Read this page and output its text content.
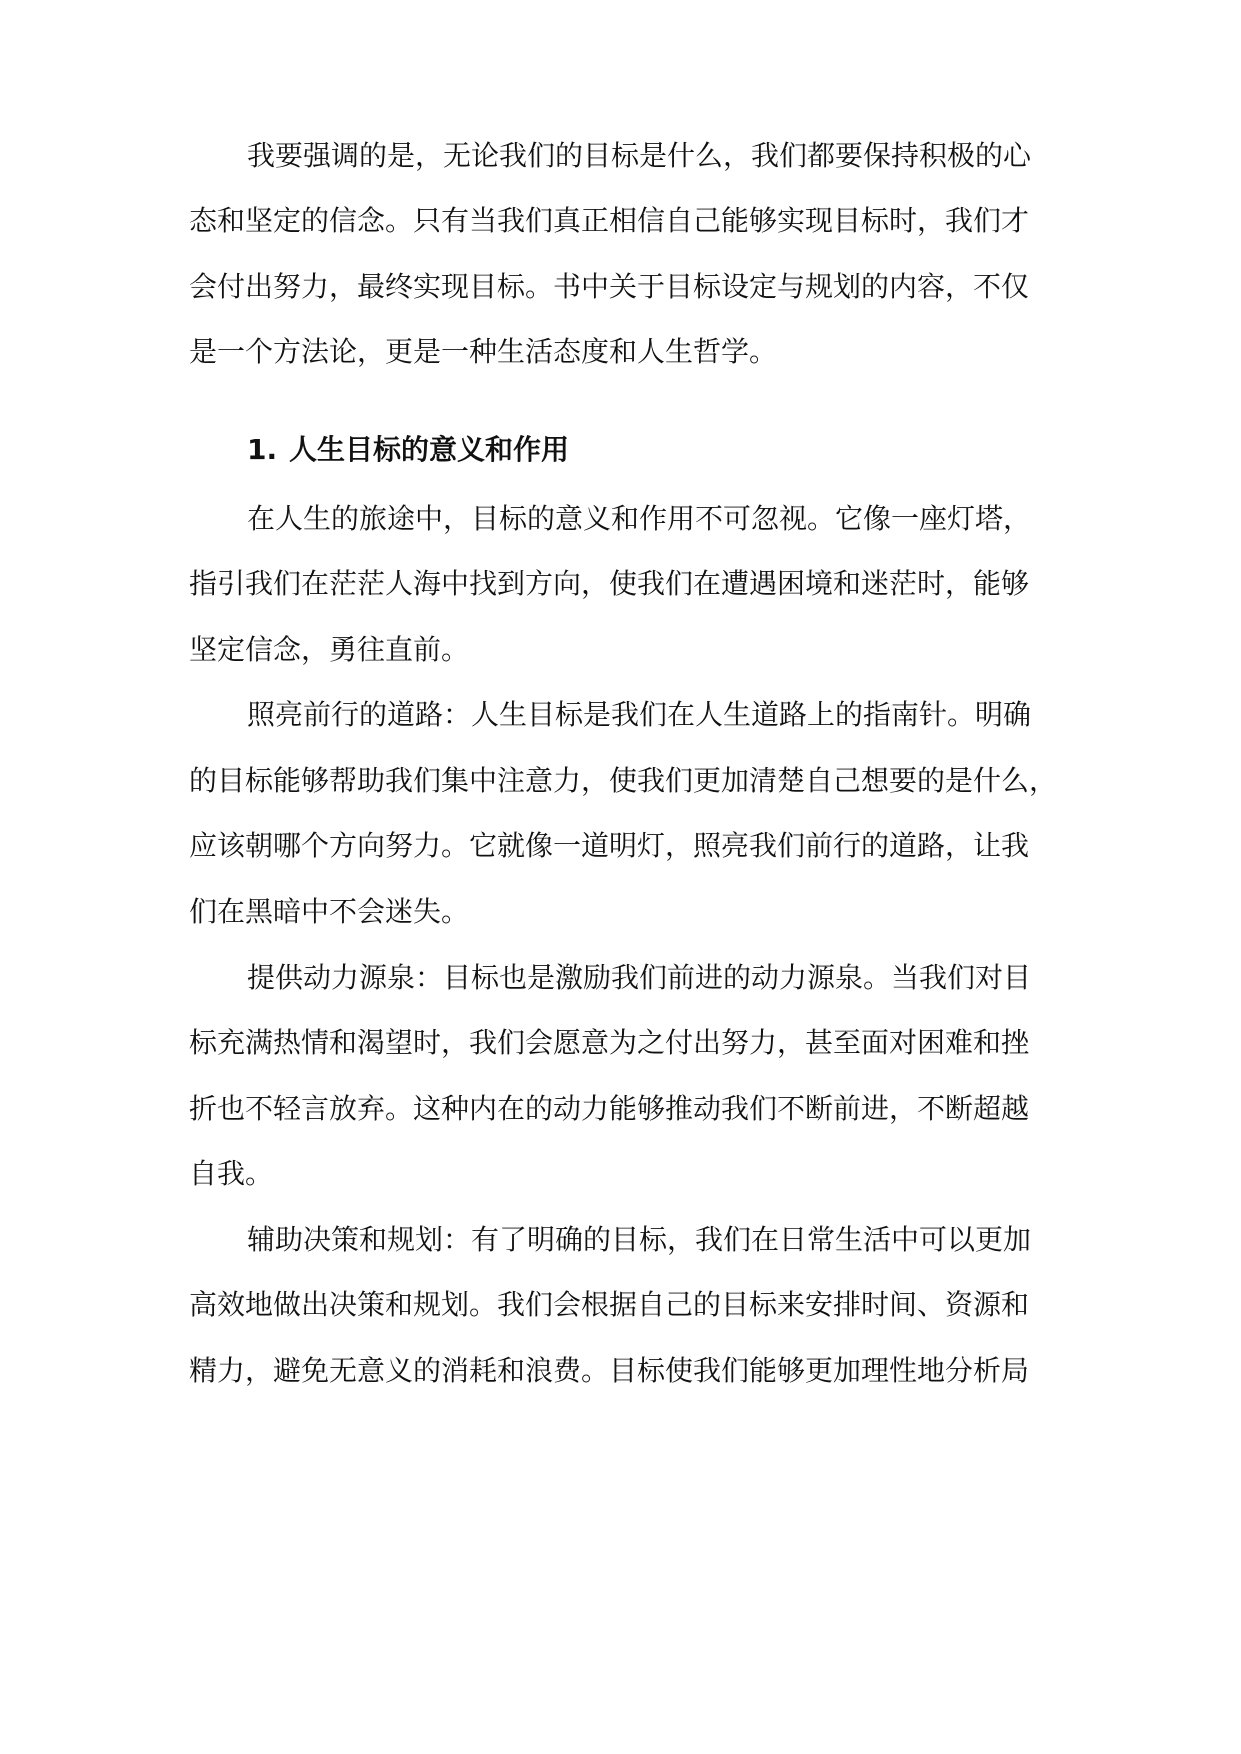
我要强调的是，无论我们的目标是什么，我们都要保持积极的心
态和坚定的信念。只有当我们真正相信自己能够实现目标时，我们才
会付出努力，最终实现目标。书中关于目标设定与规划的内容，不仅
是一个方法论，更是一种生活态度和人生哲学。
1. 人生目标的意义和作用
在人生的旅途中，目标的意义和作用不可忽视。它像一座灯塔，
指引我们在茫茫人海中找到方向，使我们在遭遇困境和迷茫时，能够
坚定信念，勇往直前。
照亮前行的道路：人生目标是我们在人生道路上的指南针。明确
的目标能够帮助我们集中注意力，使我们更加清楚自己想要的是什么，
应该朝哪个方向努力。它就像一道明灯，照亮我们前行的道路，让我
们在黑暗中不会迷失。
提供动力源泉：目标也是激励我们前进的动力源泉。当我们对目
标充满热情和渴望时，我们会愿意为之付出努力，甚至面对困难和挫
折也不轻言放弃。这种内在的动力能够推动我们不断前进，不断超越
自我。
辅助决策和规划：有了明确的目标，我们在日常生活中可以更加
高效地做出决策和规划。我们会根据自己的目标来安排时间、资源和
精力，避免无意义的消耗和浪费。目标使我们能够更加理性地分析局
